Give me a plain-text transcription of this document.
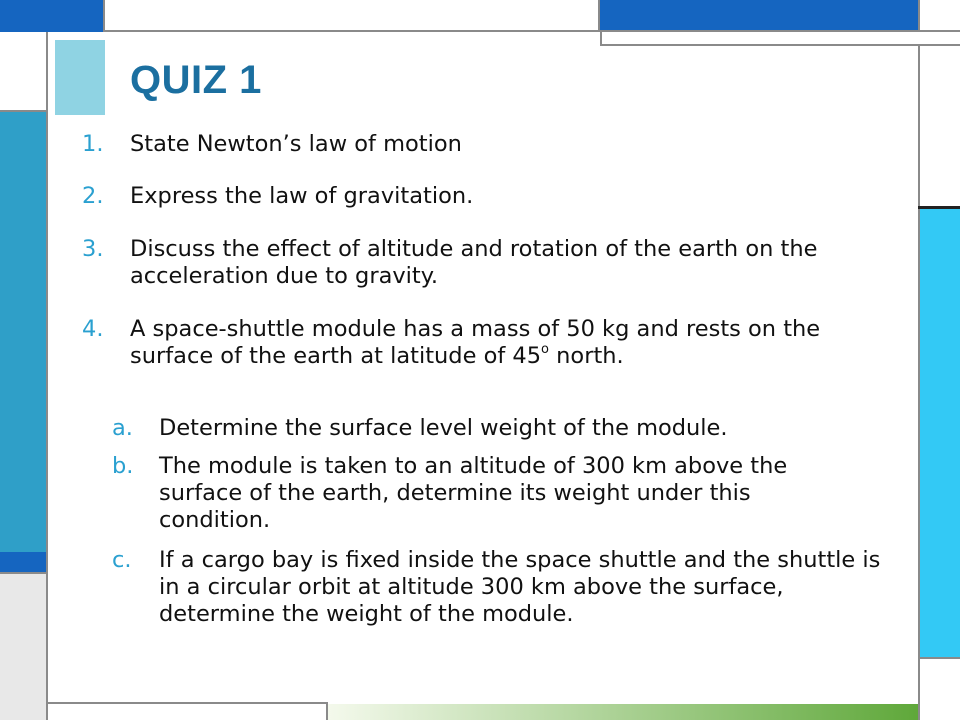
QUIZ 1
1. State Newton’s law of motion
2. Express the law of gravitation.
3. Discuss the effect of altitude and rotation of the earth on the acceleration due to gravity.
4. A space-shuttle module has a mass of 50 kg and rests on the surface of the earth at latitude of 45$^o$ north.
a. Determine the surface level weight of the module.
b. The module is taken to an altitude of 300 km above the surface of the earth, determine its weight under this condition.
c. If a cargo bay is fixed inside the space shuttle and the shuttle is in a circular orbit at altitude 300 km above the surface, determine the weight of the module.
